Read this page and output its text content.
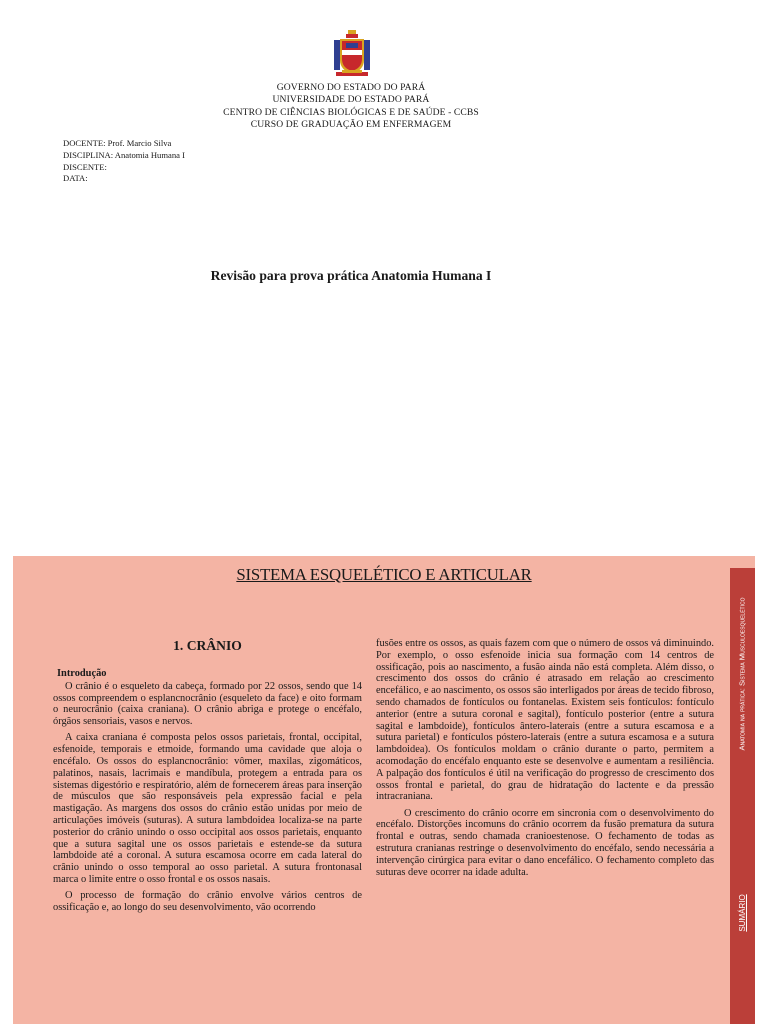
GOVERNO DO ESTADO DO PARÁ
UNIVERSIDADE DO ESTADO PARÁ
CENTRO DE CIÊNCIAS BIOLÓGICAS E DE SAÚDE - CCBS
CURSO DE GRADUAÇÃO EM ENFERMAGEM
DOCENTE: Prof. Marcio Silva
DISCIPLINA: Anatomia Humana I
DISCENTE:
DATA:
Revisão para prova prática Anatomia Humana I
Anatomia na prática: Sistema Musculoesquelético
SUMÁRIO
SISTEMA ESQUELÉTICO E ARTICULAR
1. CRÂNIO
Introdução

O crânio é o esqueleto da cabeça, formado por 22 ossos, sendo que 14 ossos compreendem o esplancnocrânio (esqueleto da face) e oito formam o neurocrânio (caixa craniana). O crânio abriga e protege o encéfalo, órgãos sensoriais, vasos e nervos.

A caixa craniana é composta pelos ossos parietais, frontal, occipital, esfenoide, temporais e etmoide, formando uma cavidade que aloja o encéfalo. Os ossos do esplancnocrânio: vômer, maxilas, zigomáticos, palatinos, nasais, lacrimais e mandíbula, protegem a entrada para os sistemas digestório e respiratório, além de fornecerem áreas para inserção de músculos que são responsáveis pela expressão facial e pela mastigação. As margens dos ossos do crânio estão unidas por meio de articulações imóveis (suturas). A sutura lambdoidea localiza-se na parte posterior do crânio unindo o osso occipital aos ossos parietais, enquanto que a sutura sagital une os ossos parietais e estende-se da sutura lambdoide até a coronal. A sutura escamosa ocorre em cada lateral do crânio unindo o osso temporal ao osso parietal. A sutura frontonasal marca o limite entre o osso frontal e os ossos nasais.

O processo de formação do crânio envolve vários centros de ossificação e, ao longo do seu desenvolvimento, vão ocorrendo

fusões entre os ossos, as quais fazem com que o número de ossos vá diminuindo. Por exemplo, o osso esfenoide inicia sua formação com 14 centros de ossificação, pois ao nascimento, a fusão ainda não está completa. Além disso, o crescimento dos ossos do crânio é atrasado em relação ao crescimento encefálico, e ao nascimento, os ossos são interligados por áreas de tecido fibroso, sendo chamados de fontículos ou fontanelas. Existem seis fontículos: fontículo anterior (entre a sutura coronal e sagital), fontículo posterior (entre a sutura sagital e lambdoide), fontículos ântero-laterais (entre a sutura escamosa e a sutura parietal) e fontículos póstero-laterais (entre a sutura escamosa e a sutura lambdoidea). Os fontículos moldam o crânio durante o parto, permitem a acomodação do encéfalo enquanto este se desenvolve e aumentam a resiliência. A palpação dos fontículos é útil na verificação do progresso de crescimento dos ossos frontal e parietal, do grau de hidratação do lactente e da pressão intracraniana.

O crescimento do crânio ocorre em sincronia com o desenvolvimento do encéfalo. Distorções incomuns do crânio ocorrem da fusão prematura da sutura frontal e outras, sendo chamada cranioestenose. O fechamento de todas as estrutura cranianas restringe o desenvolvimento do encéfalo, sendo necessária a intervenção cirúrgica para evitar o dano encefálico. O fechamento completo das suturas deve ocorrer na idade adulta.
